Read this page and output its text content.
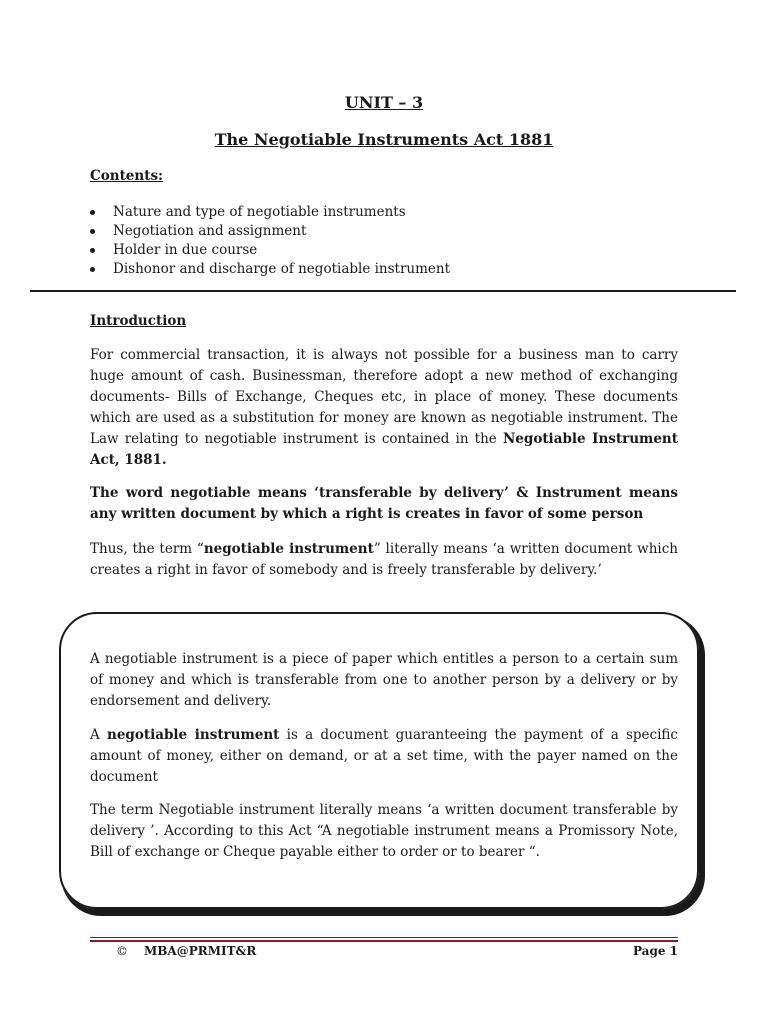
UNIT – 3
The Negotiable Instruments Act 1881
Contents:
Nature and type of negotiable instruments
Negotiation and assignment
Holder in due course
Dishonor and discharge of negotiable instrument
Introduction

For commercial transaction, it is always not possible for a business man to carry huge amount of cash. Businessman, therefore adopt a new method of exchanging documents- Bills of Exchange, Cheques etc, in place of money. These documents which are used as a substitution for money are known as negotiable instrument. The Law relating to negotiable instrument is contained in the Negotiable Instrument Act, 1881.

The word negotiable means ‘transferable by delivery’ & Instrument means any written document by which a right is creates in favor of some person

Thus, the term “negotiable instrument” literally means ‘a written document which creates a right in favor of somebody and is freely transferable by delivery.’

A negotiable instrument is a piece of paper which entitles a person to a certain sum of money and which is transferable from one to another person by a delivery or by endorsement and delivery.

A negotiable instrument is a document guaranteeing the payment of a specific amount of money, either on demand, or at a set time, with the payer named on the document

The term Negotiable instrument literally means ‘a written document transferable by delivery ’. According to this Act “A negotiable instrument means a Promissory Note, Bill of exchange or Cheque payable either to order or to bearer “.

© MBA@PRMIT&R	Page 1
